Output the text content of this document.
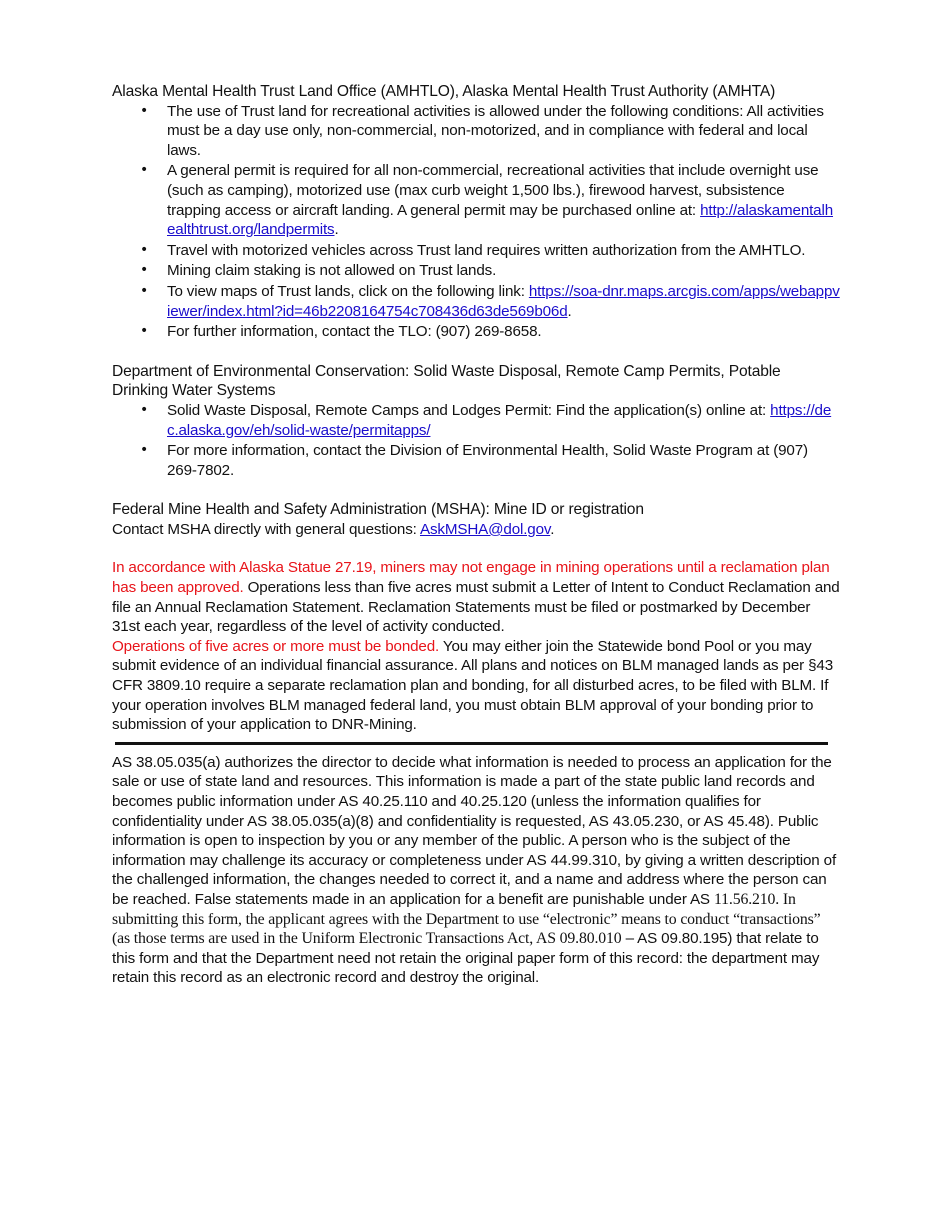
Alaska Mental Health Trust Land Office (AMHTLO), Alaska Mental Health Trust Authority (AMHTA)

• The use of Trust land for recreational activities is allowed under the following conditions: All activities must be a day use only, non-commercial, non-motorized, and in compliance with federal and local laws.
• A general permit is required for all non-commercial, recreational activities that include overnight use (such as camping), motorized use (max curb weight 1,500 lbs.), firewood harvest, subsistence trapping access or aircraft landing. A general permit may be purchased online at: http://alaskamentalhealthtrust.org/landpermits.
• Travel with motorized vehicles across Trust land requires written authorization from the AMHTLO.
• Mining claim staking is not allowed on Trust lands.
• To view maps of Trust lands, click on the following link: https://soa-dnr.maps.arcgis.com/apps/webappviewer/index.html?id=46b2208164754c708436d63de569b06d.
• For further information, contact the TLO: (907) 269-8658.

Department of Environmental Conservation: Solid Waste Disposal, Remote Camp Permits, Potable Drinking Water Systems

• Solid Waste Disposal, Remote Camps and Lodges Permit: Find the application(s) online at: https://dec.alaska.gov/eh/solid-waste/permitapps/
• For more information, contact the Division of Environmental Health, Solid Waste Program at (907) 269-7802.

Federal Mine Health and Safety Administration (MSHA): Mine ID or registration

Contact MSHA directly with general questions: AskMSHA@dol.gov.

In accordance with Alaska Statue 27.19, miners may not engage in mining operations until a reclamation plan has been approved. Operations less than five acres must submit a Letter of Intent to Conduct Reclamation and file an Annual Reclamation Statement. Reclamation Statements must be filed or postmarked by December 31st each year, regardless of the level of activity conducted.

Operations of five acres or more must be bonded. You may either join the Statewide bond Pool or you may submit evidence of an individual financial assurance. All plans and notices on BLM managed lands as per §43 CFR 3809.10 require a separate reclamation plan and bonding, for all disturbed acres, to be filed with BLM. If your operation involves BLM managed federal land, you must obtain BLM approval of your bonding prior to submission of your application to DNR-Mining.

AS 38.05.035(a) authorizes the director to decide what information is needed to process an application for the sale or use of state land and resources. This information is made a part of the state public land records and becomes public information under AS 40.25.110 and 40.25.120 (unless the information qualifies for confidentiality under AS 38.05.035(a)(8) and confidentiality is requested, AS 43.05.230, or AS 45.48). Public information is open to inspection by you or any member of the public. A person who is the subject of the information may challenge its accuracy or completeness under AS 44.99.310, by giving a written description of the challenged information, the changes needed to correct it, and a name and address where the person can be reached. False statements made in an application for a benefit are punishable under AS 11.56.210. In submitting this form, the applicant agrees with the Department to use “electronic” means to conduct “transactions” (as those terms are used in the Uniform Electronic Transactions Act, AS 09.80.010 – AS 09.80.195) that relate to this form and that the Department need not retain the original paper form of this record: the department may retain this record as an electronic record and destroy the original.
